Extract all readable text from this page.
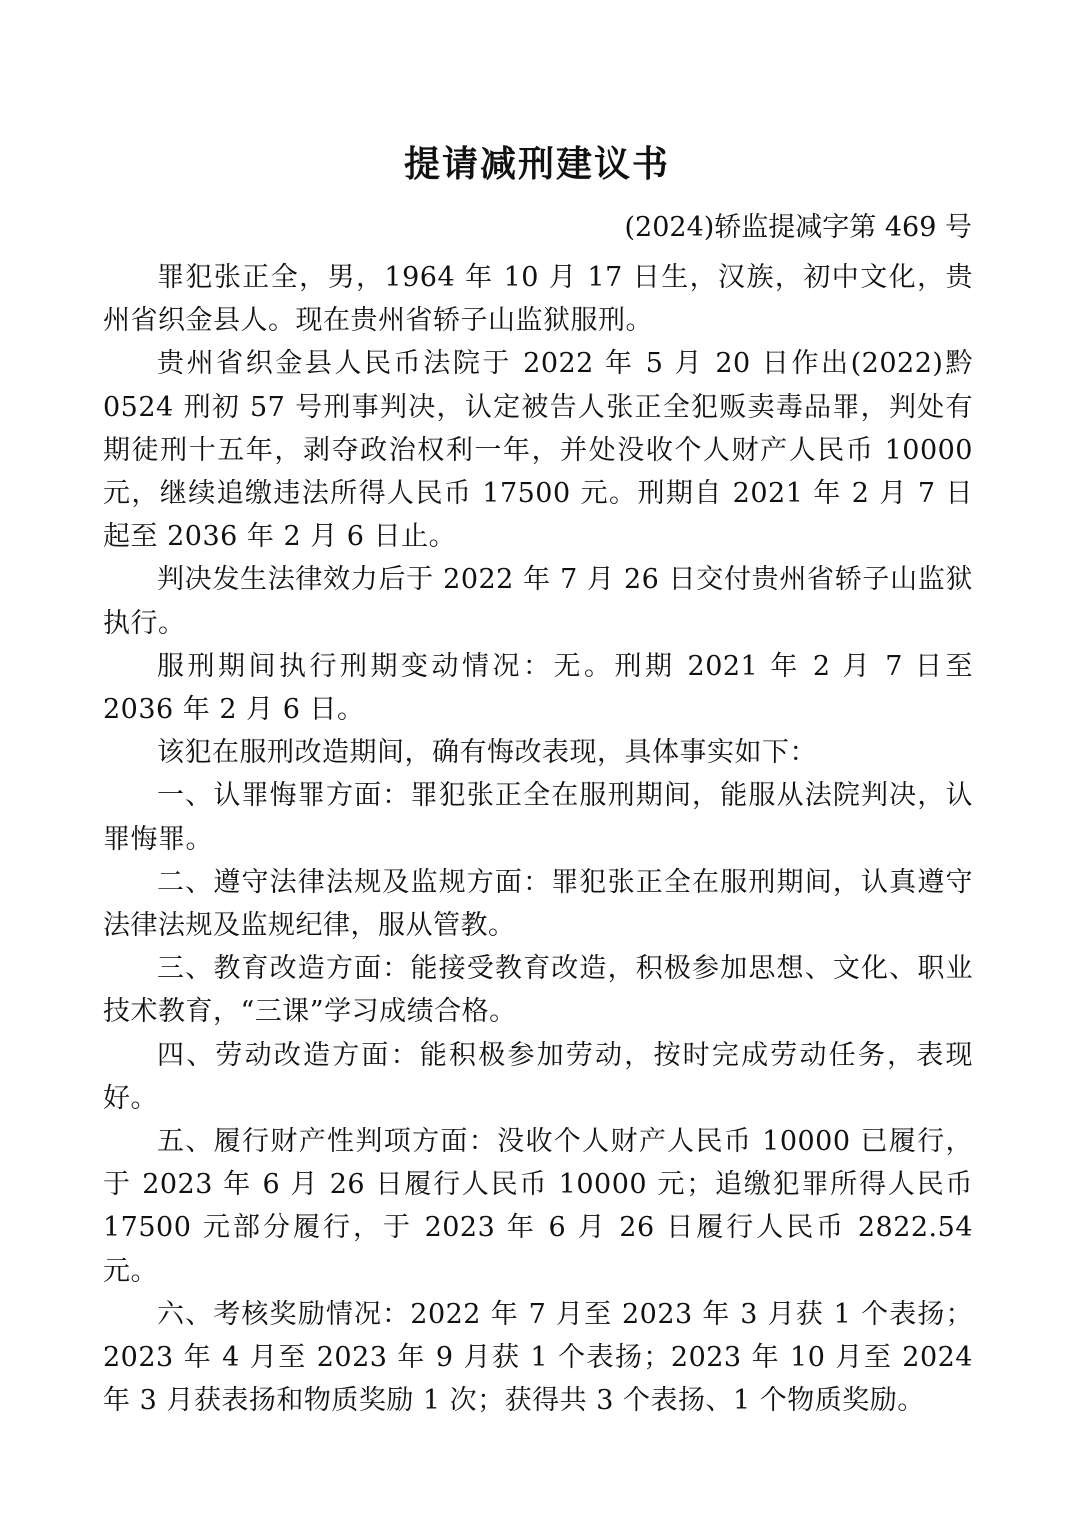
提请减刑建议书

(2024)轿监提减字第 469 号

罪犯张正全，男，1964 年 10 月 17 日生，汉族，初中文化，贵州省织金县人。现在贵州省轿子山监狱服刑。

贵州省织金县人民币法院于 2022 年 5 月 20 日作出(2022)黔 0524 刑初 57 号刑事判决，认定被告人张正全犯贩卖毒品罪，判处有期徒刑十五年，剥夺政治权利一年，并处没收个人财产人民币 10000 元，继续追缴违法所得人民币 17500 元。刑期自 2021 年 2 月 7 日起至 2036 年 2 月 6 日止。

判决发生法律效力后于 2022 年 7 月 26 日交付贵州省轿子山监狱执行。

服刑期间执行刑期变动情况：无。刑期 2021 年 2 月 7 日至 2036 年 2 月 6 日。

该犯在服刑改造期间，确有悔改表现，具体事实如下：

一、认罪悔罪方面：罪犯张正全在服刑期间，能服从法院判决，认罪悔罪。

二、遵守法律法规及监规方面：罪犯张正全在服刑期间，认真遵守法律法规及监规纪律，服从管教。

三、教育改造方面：能接受教育改造，积极参加思想、文化、职业技术教育，“三课”学习成绩合格。

四、劳动改造方面：能积极参加劳动，按时完成劳动任务，表现好。

五、履行财产性判项方面：没收个人财产人民币 10000 已履行，于 2023 年 6 月 26 日履行人民币 10000 元；追缴犯罪所得人民币 17500 元部分履行，于 2023 年 6 月 26 日履行人民币 2822.54 元。

六、考核奖励情况：2022 年 7 月至 2023 年 3 月获 1 个表扬；2023 年 4 月至 2023 年 9 月获 1 个表扬；2023 年 10 月至 2024 年 3 月获表扬和物质奖励 1 次；获得共 3 个表扬、1 个物质奖励。
